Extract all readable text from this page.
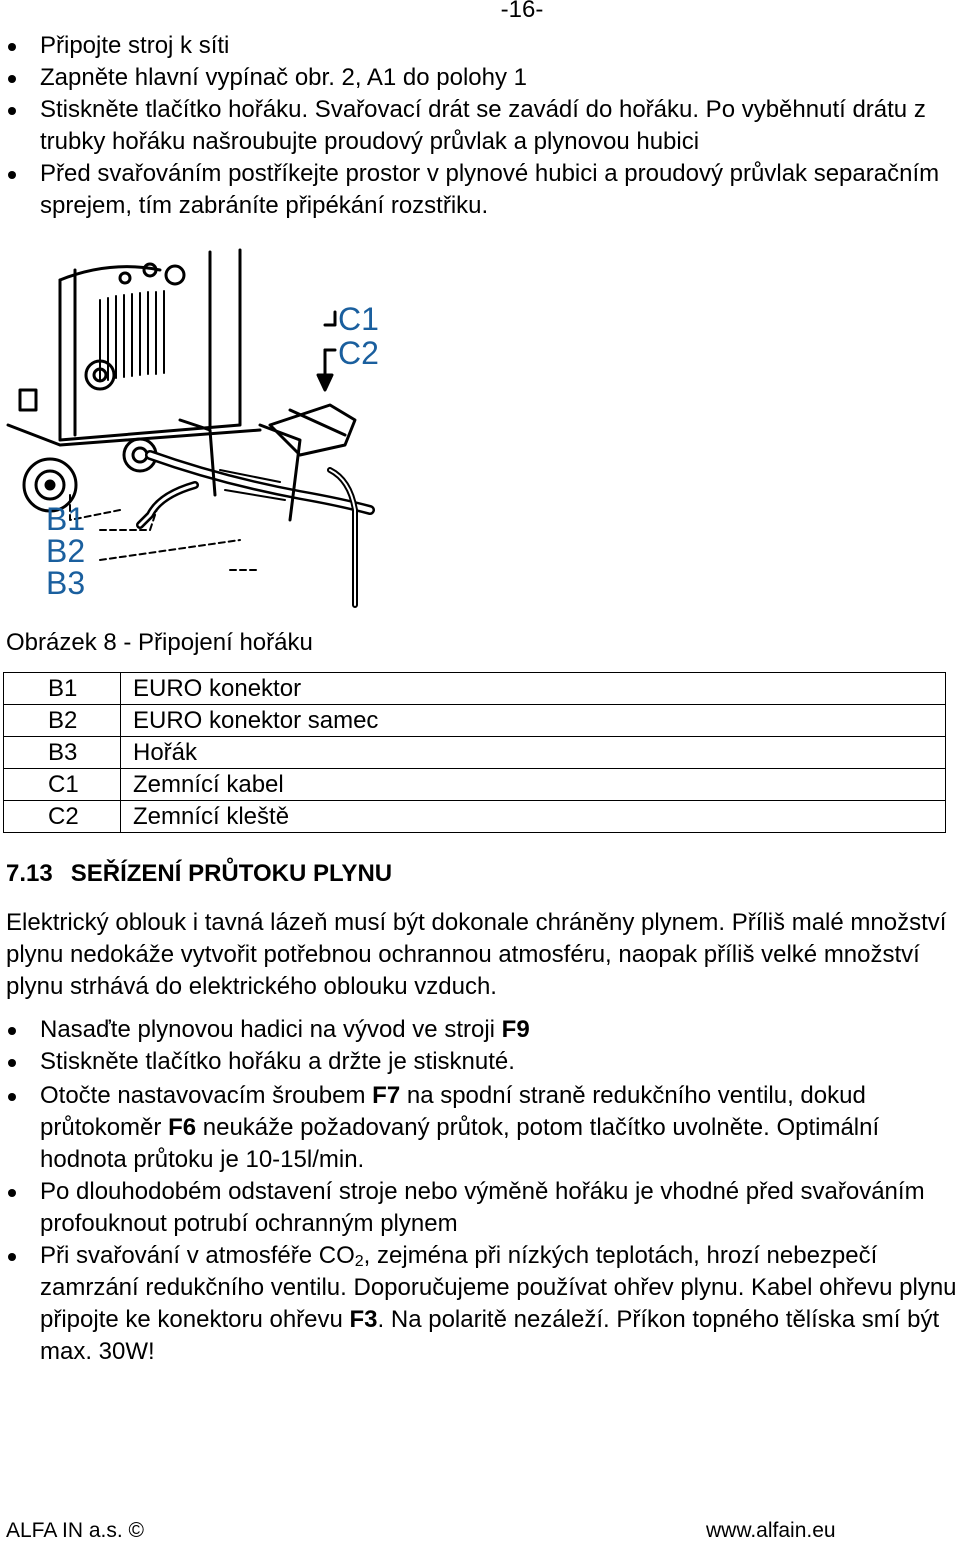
-16-
Připojte stroj k síti
Zapněte hlavní vypínač obr. 2, A1 do polohy 1
Stiskněte tlačítko hořáku. Svařovací drát se zavádí do hořáku. Po vyběhnutí drátu z trubky hořáku našroubujte proudový průvlak a plynovou hubici
Před svařováním postříkejte prostor v plynové hubici a proudový průvlak separačním sprejem, tím zabráníte připékání rozstřiku.
C1
C2
B1
B2
B3
Obrázek 8 - Připojení hořáku
B1	EURO konektor
B2	EURO konektor samec
B3	Hořák
C1	Zemnící kabel
C2	Zemnící kleště
7.13 SEŘÍZENÍ PRŮTOKU PLYNU
Elektrický oblouk i tavná lázeň musí být dokonale chráněny plynem. Příliš malé množství plynu nedokáže vytvořit potřebnou ochrannou atmosféru, naopak příliš velké množství plynu strhává do elektrického oblouku vzduch.
Nasaďte plynovou hadici na vývod ve stroji F9
Stiskněte tlačítko hořáku a držte je stisknuté.
Otočte nastavovacím šroubem F7 na spodní straně redukčního ventilu, dokud průtokoměr F6 neukáže požadovaný průtok, potom tlačítko uvolněte. Optimální hodnota průtoku je 10-15l/min.
Po dlouhodobém odstavení stroje nebo výměně hořáku je vhodné před svařováním profouknout potrubí ochranným plynem
Při svařování v atmosféře $CO_2$, zejména při nízkých teplotách, hrozí nebezpečí zamrzání redukčního ventilu. Doporučujeme používat ohřev plynu. Kabel ohřevu plynu připojte ke konektoru ohřevu F3. Na polaritě nezáleží. Příkon topného tělíska smí být max. 30W!
ALFA IN a.s. ©	www.alfain.eu
